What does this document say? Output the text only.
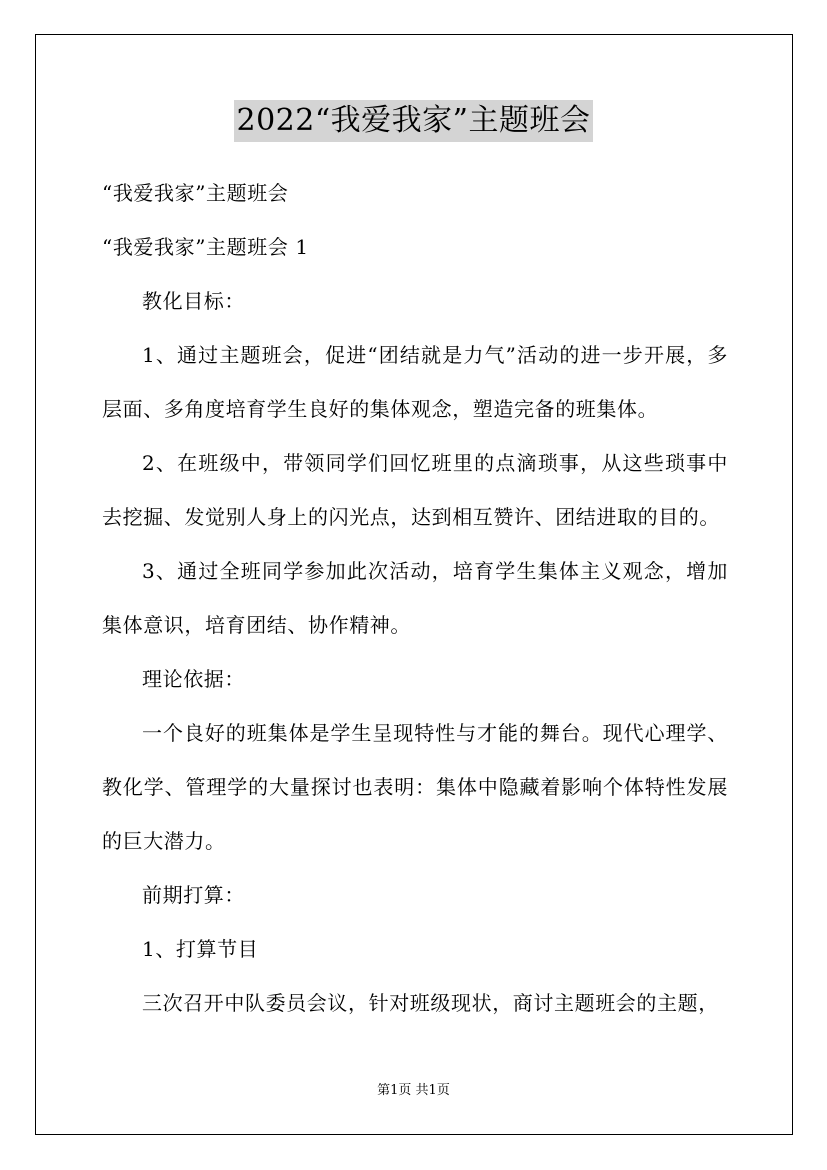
2022“我爱我家”主题班会

“我爱我家”主题班会

“我爱我家”主题班会 1

教化目标：

1、通过主题班会，促进“团结就是力气”活动的进一步开展，多层面、多角度培育学生良好的集体观念，塑造完备的班集体。

2、在班级中，带领同学们回忆班里的点滴琐事，从这些琐事中去挖掘、发觉别人身上的闪光点，达到相互赞许、团结进取的目的。

3、通过全班同学参加此次活动，培育学生集体主义观念，增加集体意识，培育团结、协作精神。

理论依据：

一个良好的班集体是学生呈现特性与才能的舞台。现代心理学、教化学、管理学的大量探讨也表明：集体中隐藏着影响个体特性发展的巨大潜力。

前期打算：

1、打算节目

三次召开中队委员会议，针对班级现状，商讨主题班会的主题，

第1页 共1页
